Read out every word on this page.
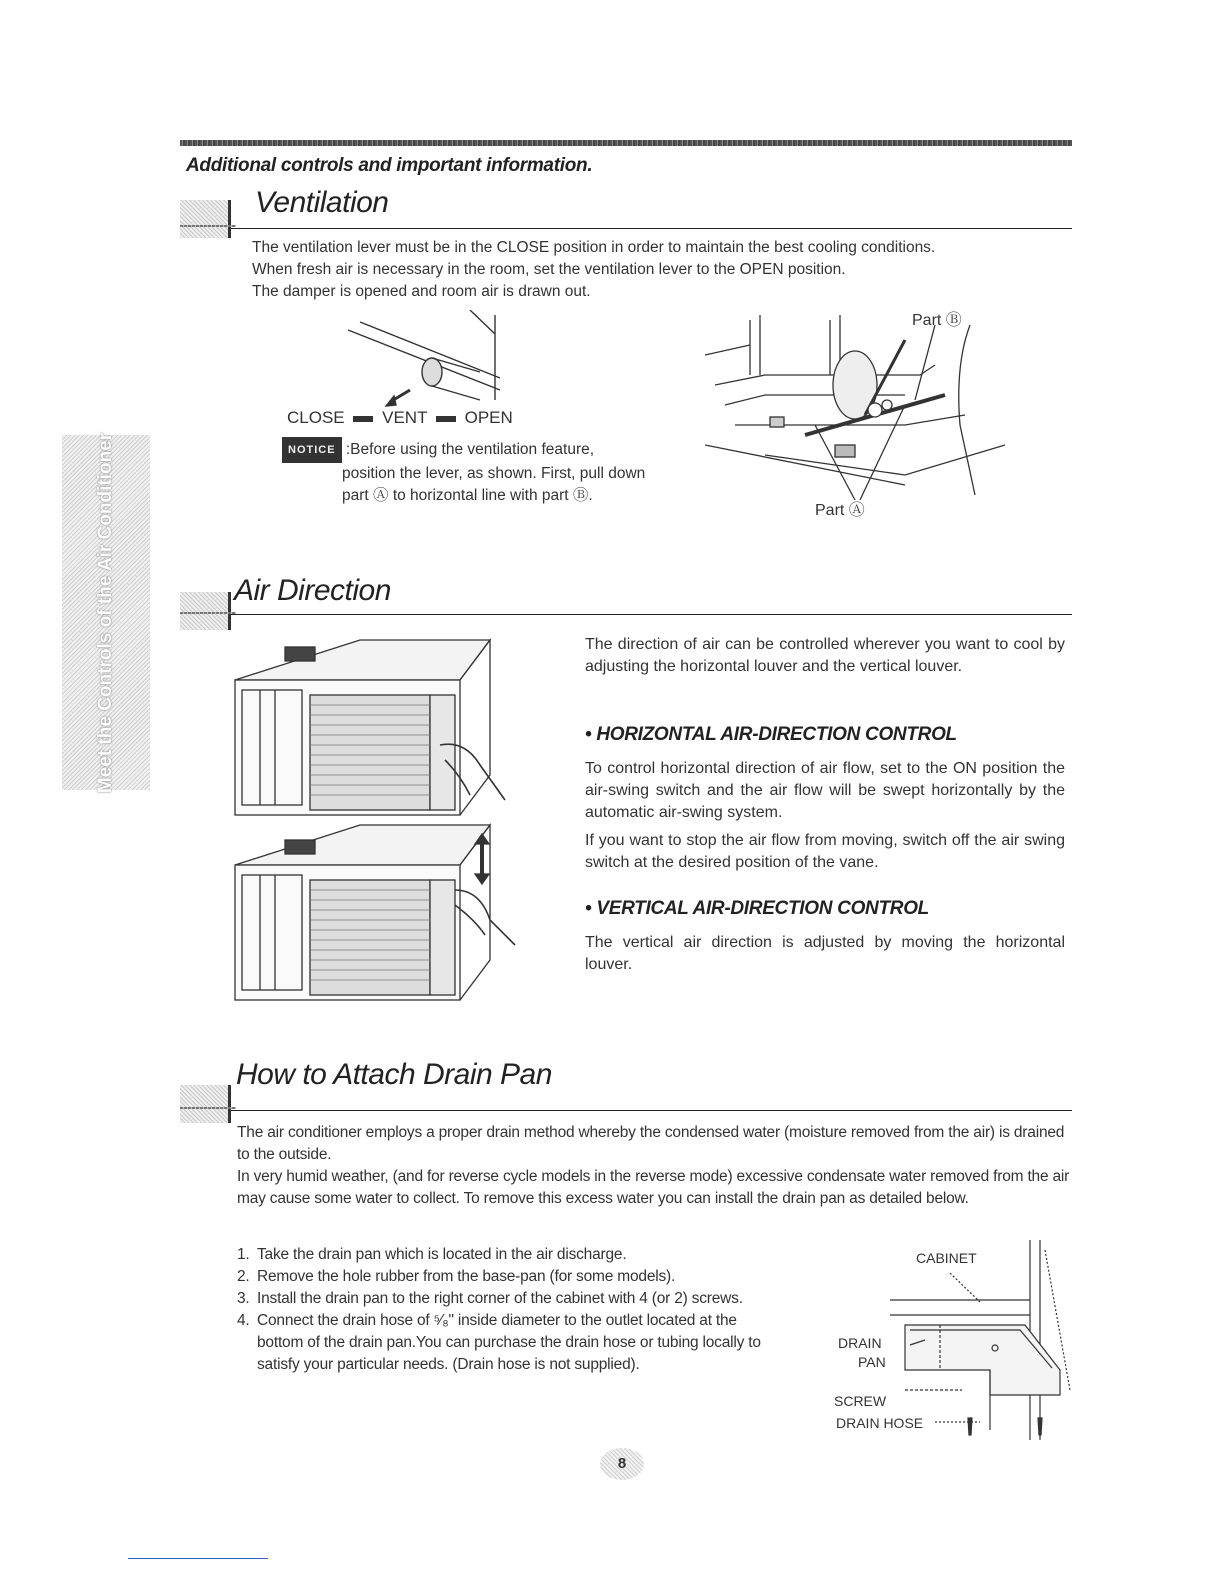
Additional controls and important information.
Meet the Controls of the Air Conditioner
Ventilation

The ventilation lever must be in the CLOSE position in order to maintain the best cooling conditions.

When fresh air is necessary in the room, set the ventilation lever to the OPEN position.

The damper is opened and room air is drawn out.

CLOSE VENT OPEN

NOTICE :Before using the ventilation feature,

position the lever, as shown. First, pull down

part Ⓐ to horizontal line with part Ⓑ.

Part Ⓑ
Part Ⓐ
Air Direction
The direction of air can be controlled wherever you want to cool by adjusting the horizontal louver and the vertical louver.
• HORIZONTAL AIR-DIRECTION CONTROL

To control horizontal direction of air flow, set to the ON position the air-swing switch and the air flow will be swept horizontally by the automatic air-swing system.

If you want to stop the air flow from moving, switch off the air swing switch at the desired position of the vane.

• VERTICAL AIR-DIRECTION CONTROL
The vertical air direction is adjusted by moving the horizontal louver.
How to Attach Drain Pan

The air conditioner employs a proper drain method whereby the condensed water (moisture removed from the air) is drained to the outside.

In very humid weather, (and for reverse cycle models in the reverse mode) excessive condensate water removed from the air may cause some water to collect. To remove this excess water you can install the drain pan as detailed below.

1. Take the drain pan which is located in the air discharge.
2. Remove the hole rubber from the base-pan (for some models).
3. Install the drain pan to the right corner of the cabinet with 4 (or 2) screws.
4. Connect the drain hose of ⁵⁄₈" inside diameter to the outlet located at the bottom of the drain pan.You can purchase the drain hose or tubing locally to satisfy your particular needs. (Drain hose is not supplied).
CABINET
DRAIN
PAN
SCREW
DRAIN HOSE
8
